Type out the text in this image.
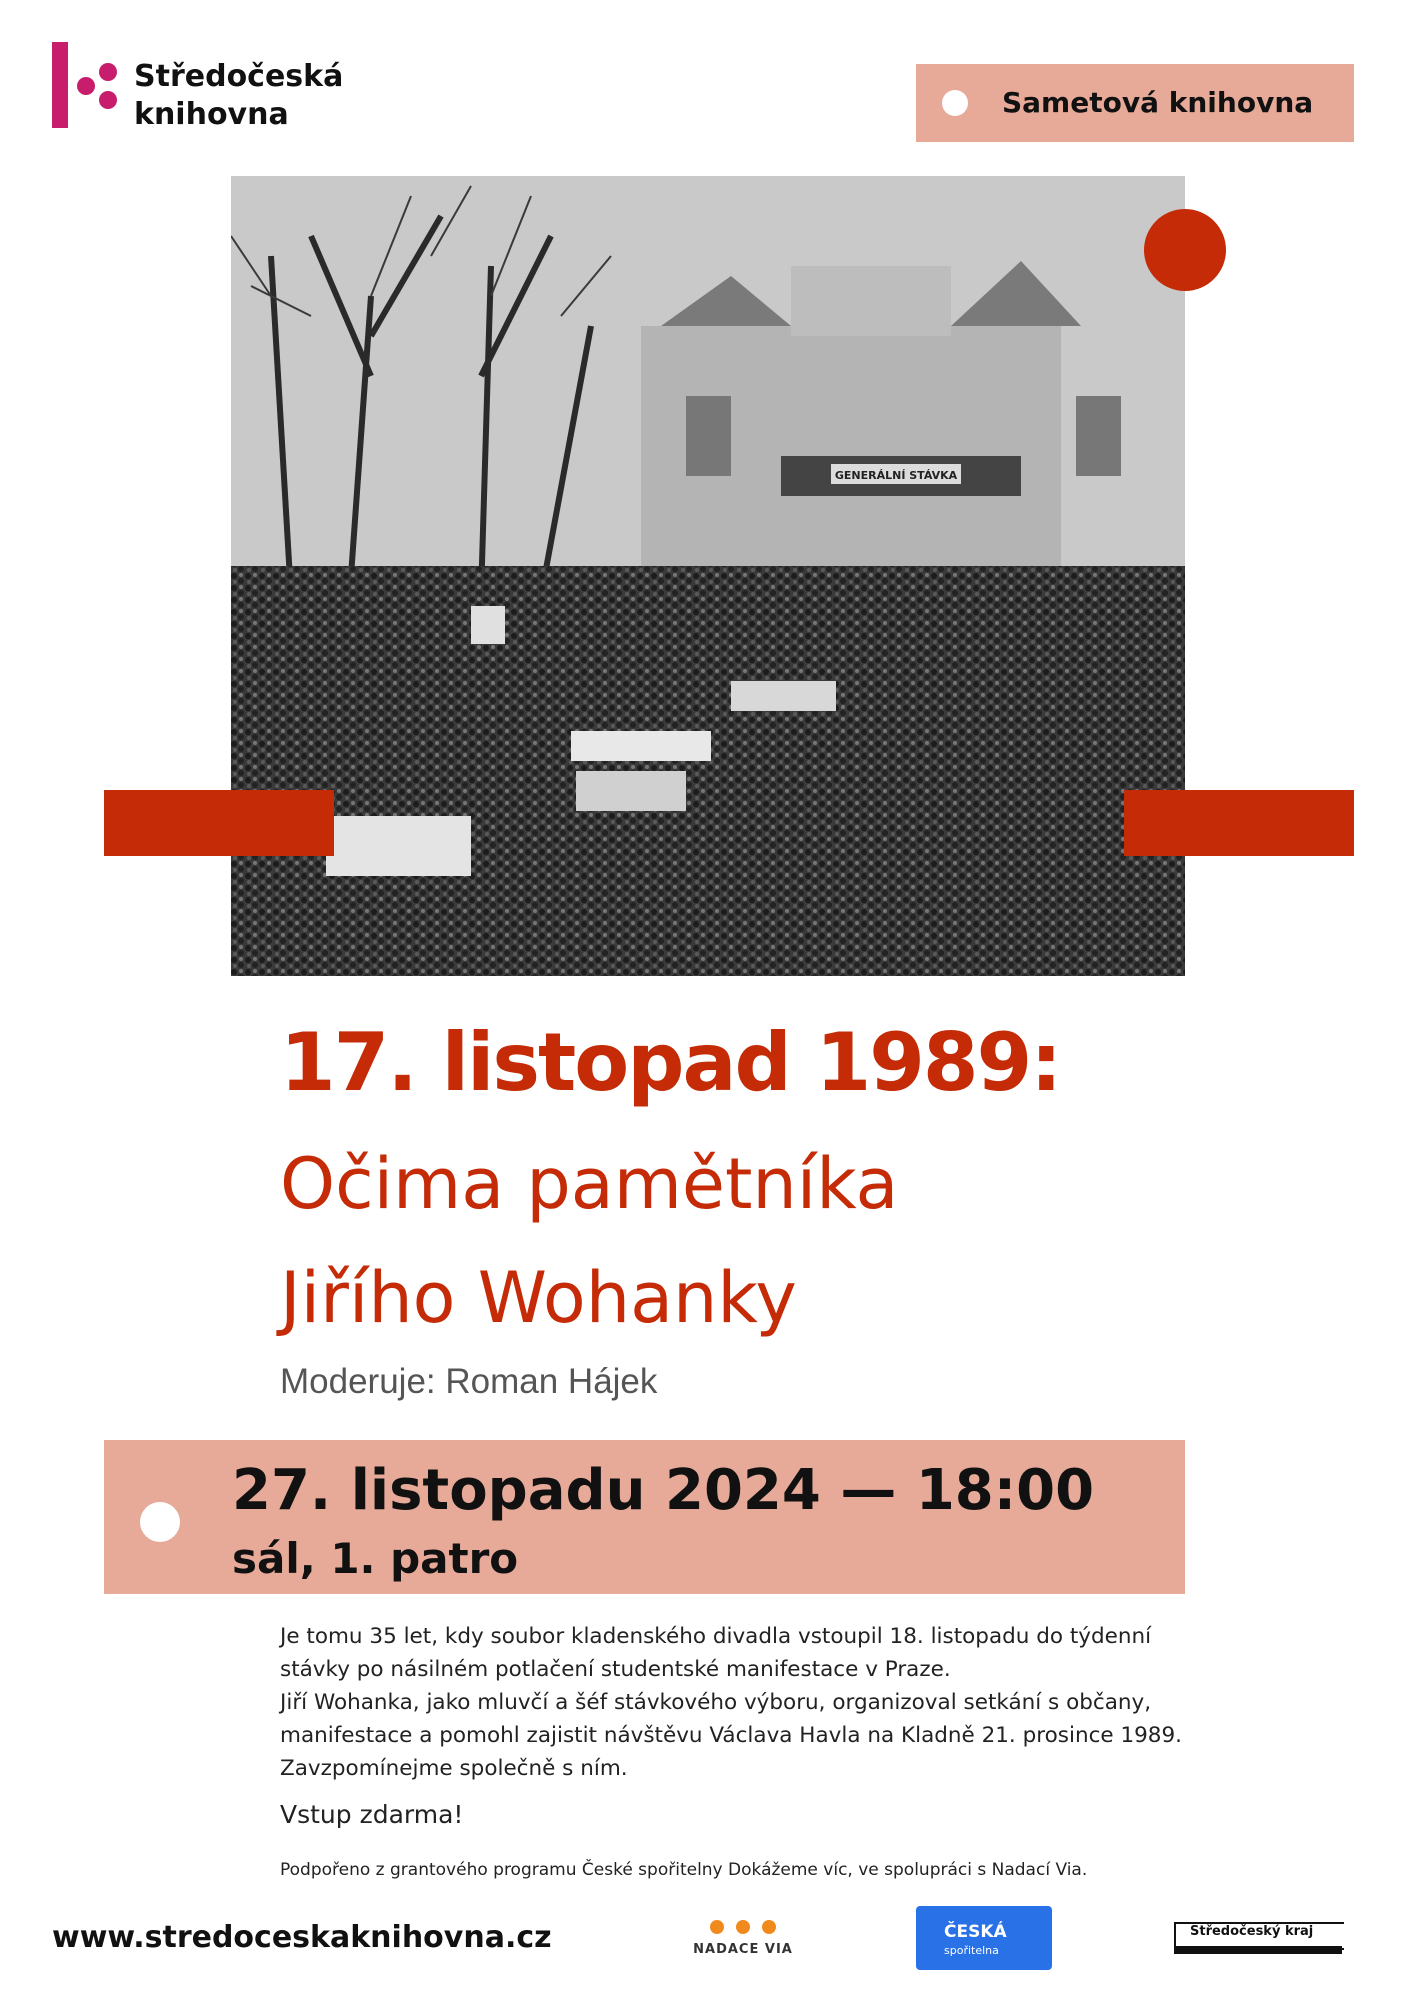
Středočeská
knihovna	Sametová knihovna
GENERÁLNÍ STÁVKA
17. listopad 1989:
Očima pamětníka
Jiřího Wohanky
Moderuje: Roman Hájek
27. listopadu 2024 — 18:00
sál, 1. patro

Je tomu 35 let, kdy soubor kladenského divadla vstoupil 18. listopadu do týdenní stávky po násilném potlačení studentské manifestace v Praze.

Jiří Wohanka, jako mluvčí a šéf stávkového výboru, organizoval setkání s občany, manifestace a pomohl zajistit návštěvu Václava Havla na Kladně 21. prosince 1989. Zavzpomínejme společně s ním.

Vstup zdarma!
Podpořeno z grantového programu České spořitelny Dokážeme víc, ve spolupráci s Nadací Via.
www.stredoceskaknihovna.cz	NADACE VIA
ČESKÁ
spořitelna
Středočeský kraj
